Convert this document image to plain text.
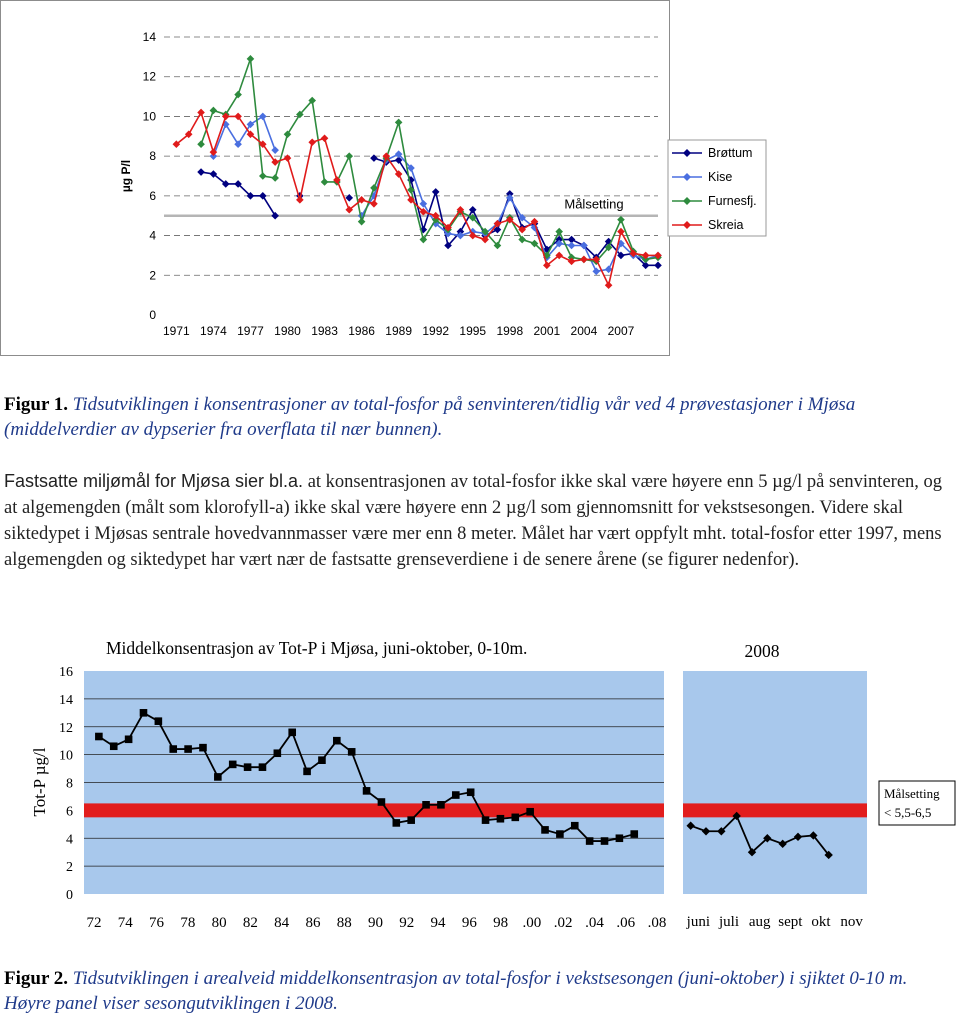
0
2
4
6
8
10
12
14
µg P/l
1971 1974 1977 1980 1983 1986 1989 1992 1995 1998 2001 2004 2007
Målsetting
Brøttum
Kise
Furnesfj.
Skreia
Figur 1. Tidsutviklingen i konsentrasjoner av total-fosfor på senvinteren/tidlig vår ved 4 prøvestasjoner i Mjøsa (middelverdier av dypserier fra overflata til nær bunnen).
Fastsatte miljømål for Mjøsa sier bl.a. at konsentrasjonen av total-fosfor ikke skal være høyere enn 5 µg/l på senvinteren, og at algemengden (målt som klorofyll-a) ikke skal være høyere enn 2 µg/l som gjennomsnitt for vekstsesongen. Videre skal siktedypet i Mjøsas sentrale hovedvannmasser være mer enn 8 meter. Målet har vært oppfylt mht. total-fosfor etter 1997, mens algemengden og siktedypet har vært nær de fastsatte grenseverdiene i de senere årene (se figurer nedenfor).
0
2
4
6
8
10
12
14
16
Tot-P µg/l
Middelkonsentrasjon av Tot-P i Mjøsa, juni-oktober, 0-10m.
72 74 76 78 80 82 84 86 88 90 92 94 96 98 .00 .02 .04 .06 .08
2008
juni juli aug sept okt nov
Målsetting
< 5,5-6,5
Figur 2. Tidsutviklingen i arealveid middelkonsentrasjon av total-fosfor i vekstsesongen (juni-oktober) i sjiktet 0-10 m. Høyre panel viser sesongutviklingen i 2008.
